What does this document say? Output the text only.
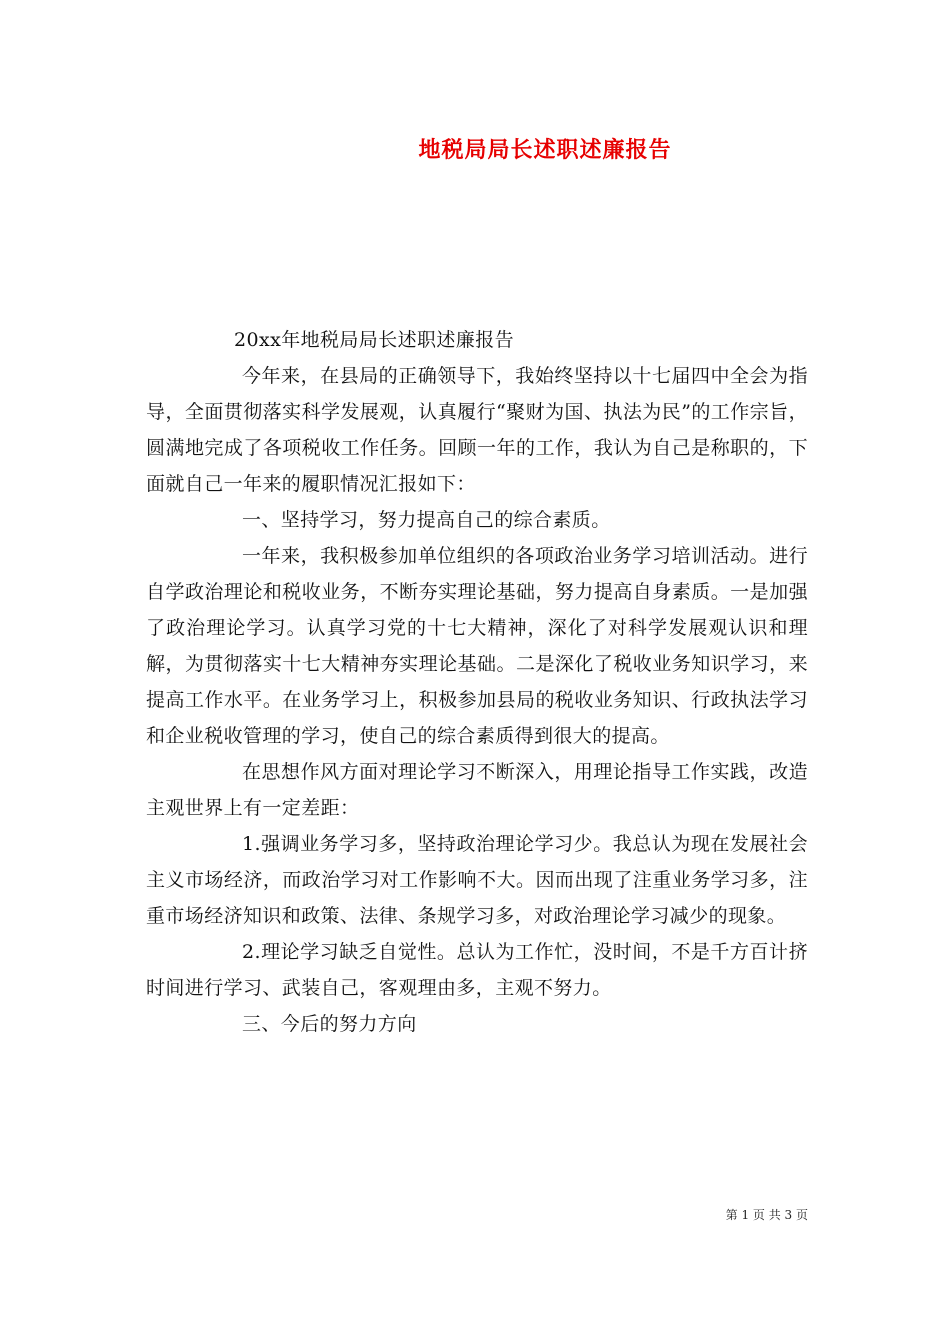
地税局局长述职述廉报告

20xx年地税局局长述职述廉报告

今年来，在县局的正确领导下，我始终坚持以十七届四中全会为指导，全面贯彻落实科学发展观，认真履行“聚财为国、执法为民”的工作宗旨，圆满地完成了各项税收工作任务。回顾一年的工作，我认为自己是称职的，下面就自己一年来的履职情况汇报如下：

一、坚持学习，努力提高自己的综合素质。

一年来，我积极参加单位组织的各项政治业务学习培训活动。进行自学政治理论和税收业务，不断夯实理论基础，努力提高自身素质。一是加强了政治理论学习。认真学习党的十七大精神，深化了对科学发展观认识和理解，为贯彻落实十七大精神夯实理论基础。二是深化了税收业务知识学习，来提高工作水平。在业务学习上，积极参加县局的税收业务知识、行政执法学习和企业税收管理的学习，使自己的综合素质得到很大的提高。

在思想作风方面对理论学习不断深入，用理论指导工作实践，改造主观世界上有一定差距：

1.强调业务学习多，坚持政治理论学习少。我总认为现在发展社会主义市场经济，而政治学习对工作影响不大。因而出现了注重业务学习多，注重市场经济知识和政策、法律、条规学习多，对政治理论学习减少的现象。

2.理论学习缺乏自觉性。总认为工作忙，没时间，不是千方百计挤时间进行学习、武装自己，客观理由多，主观不努力。

三、今后的努力方向

第 1 页 共 3 页
